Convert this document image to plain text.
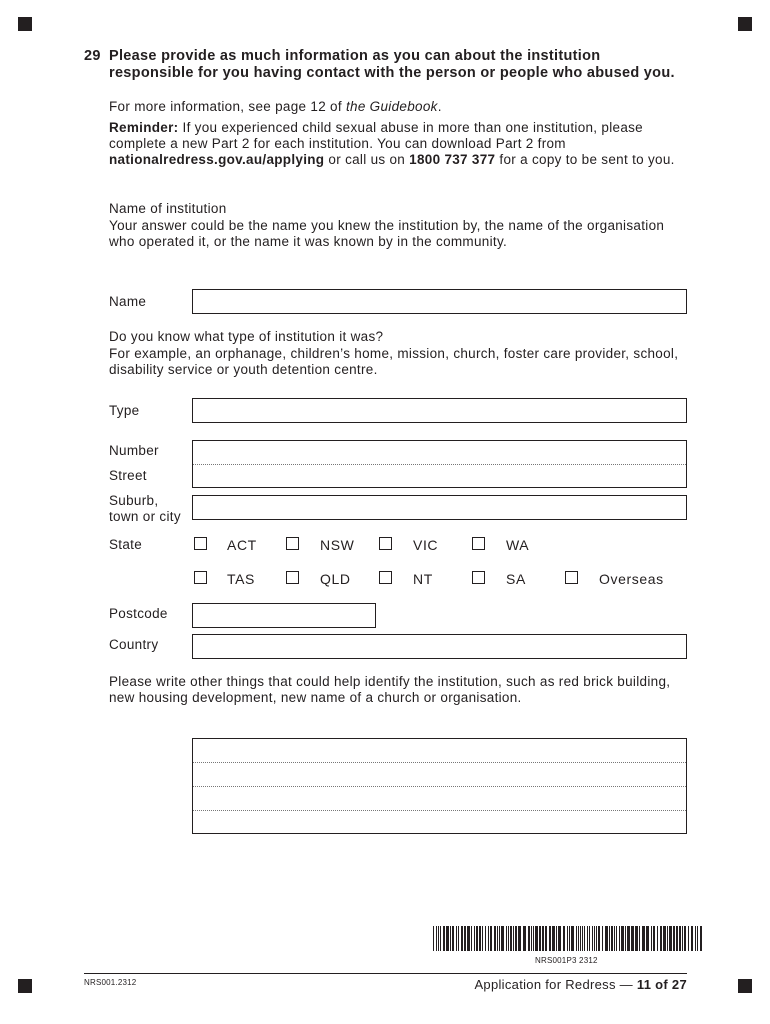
29 Please provide as much information as you can about the institution responsible for you having contact with the person or people who abused you.
For more information, see page 12 of the Guidebook.
Reminder: If you experienced child sexual abuse in more than one institution, please complete a new Part 2 for each institution. You can download Part 2 from nationalredress.gov.au/applying or call us on 1800 737 377 for a copy to be sent to you.
Name of institution
Your answer could be the name you knew the institution by, the name of the organisation who operated it, or the name it was known by in the community.
Name
Do you know what type of institution it was?
For example, an orphanage, children’s home, mission, church, foster care provider, school, disability service or youth detention centre.
Type
Number
Street
Suburb,
town or city
State	ACT	NSW	VIC	WA
TAS	QLD	NT	SA	Overseas
Postcode
Country
Please write other things that could help identify the institution, such as red brick building, new housing development, new name of a church or organisation.
NRS001P3 2312
NRS001.2312	Application for Redress — 11 of 27
